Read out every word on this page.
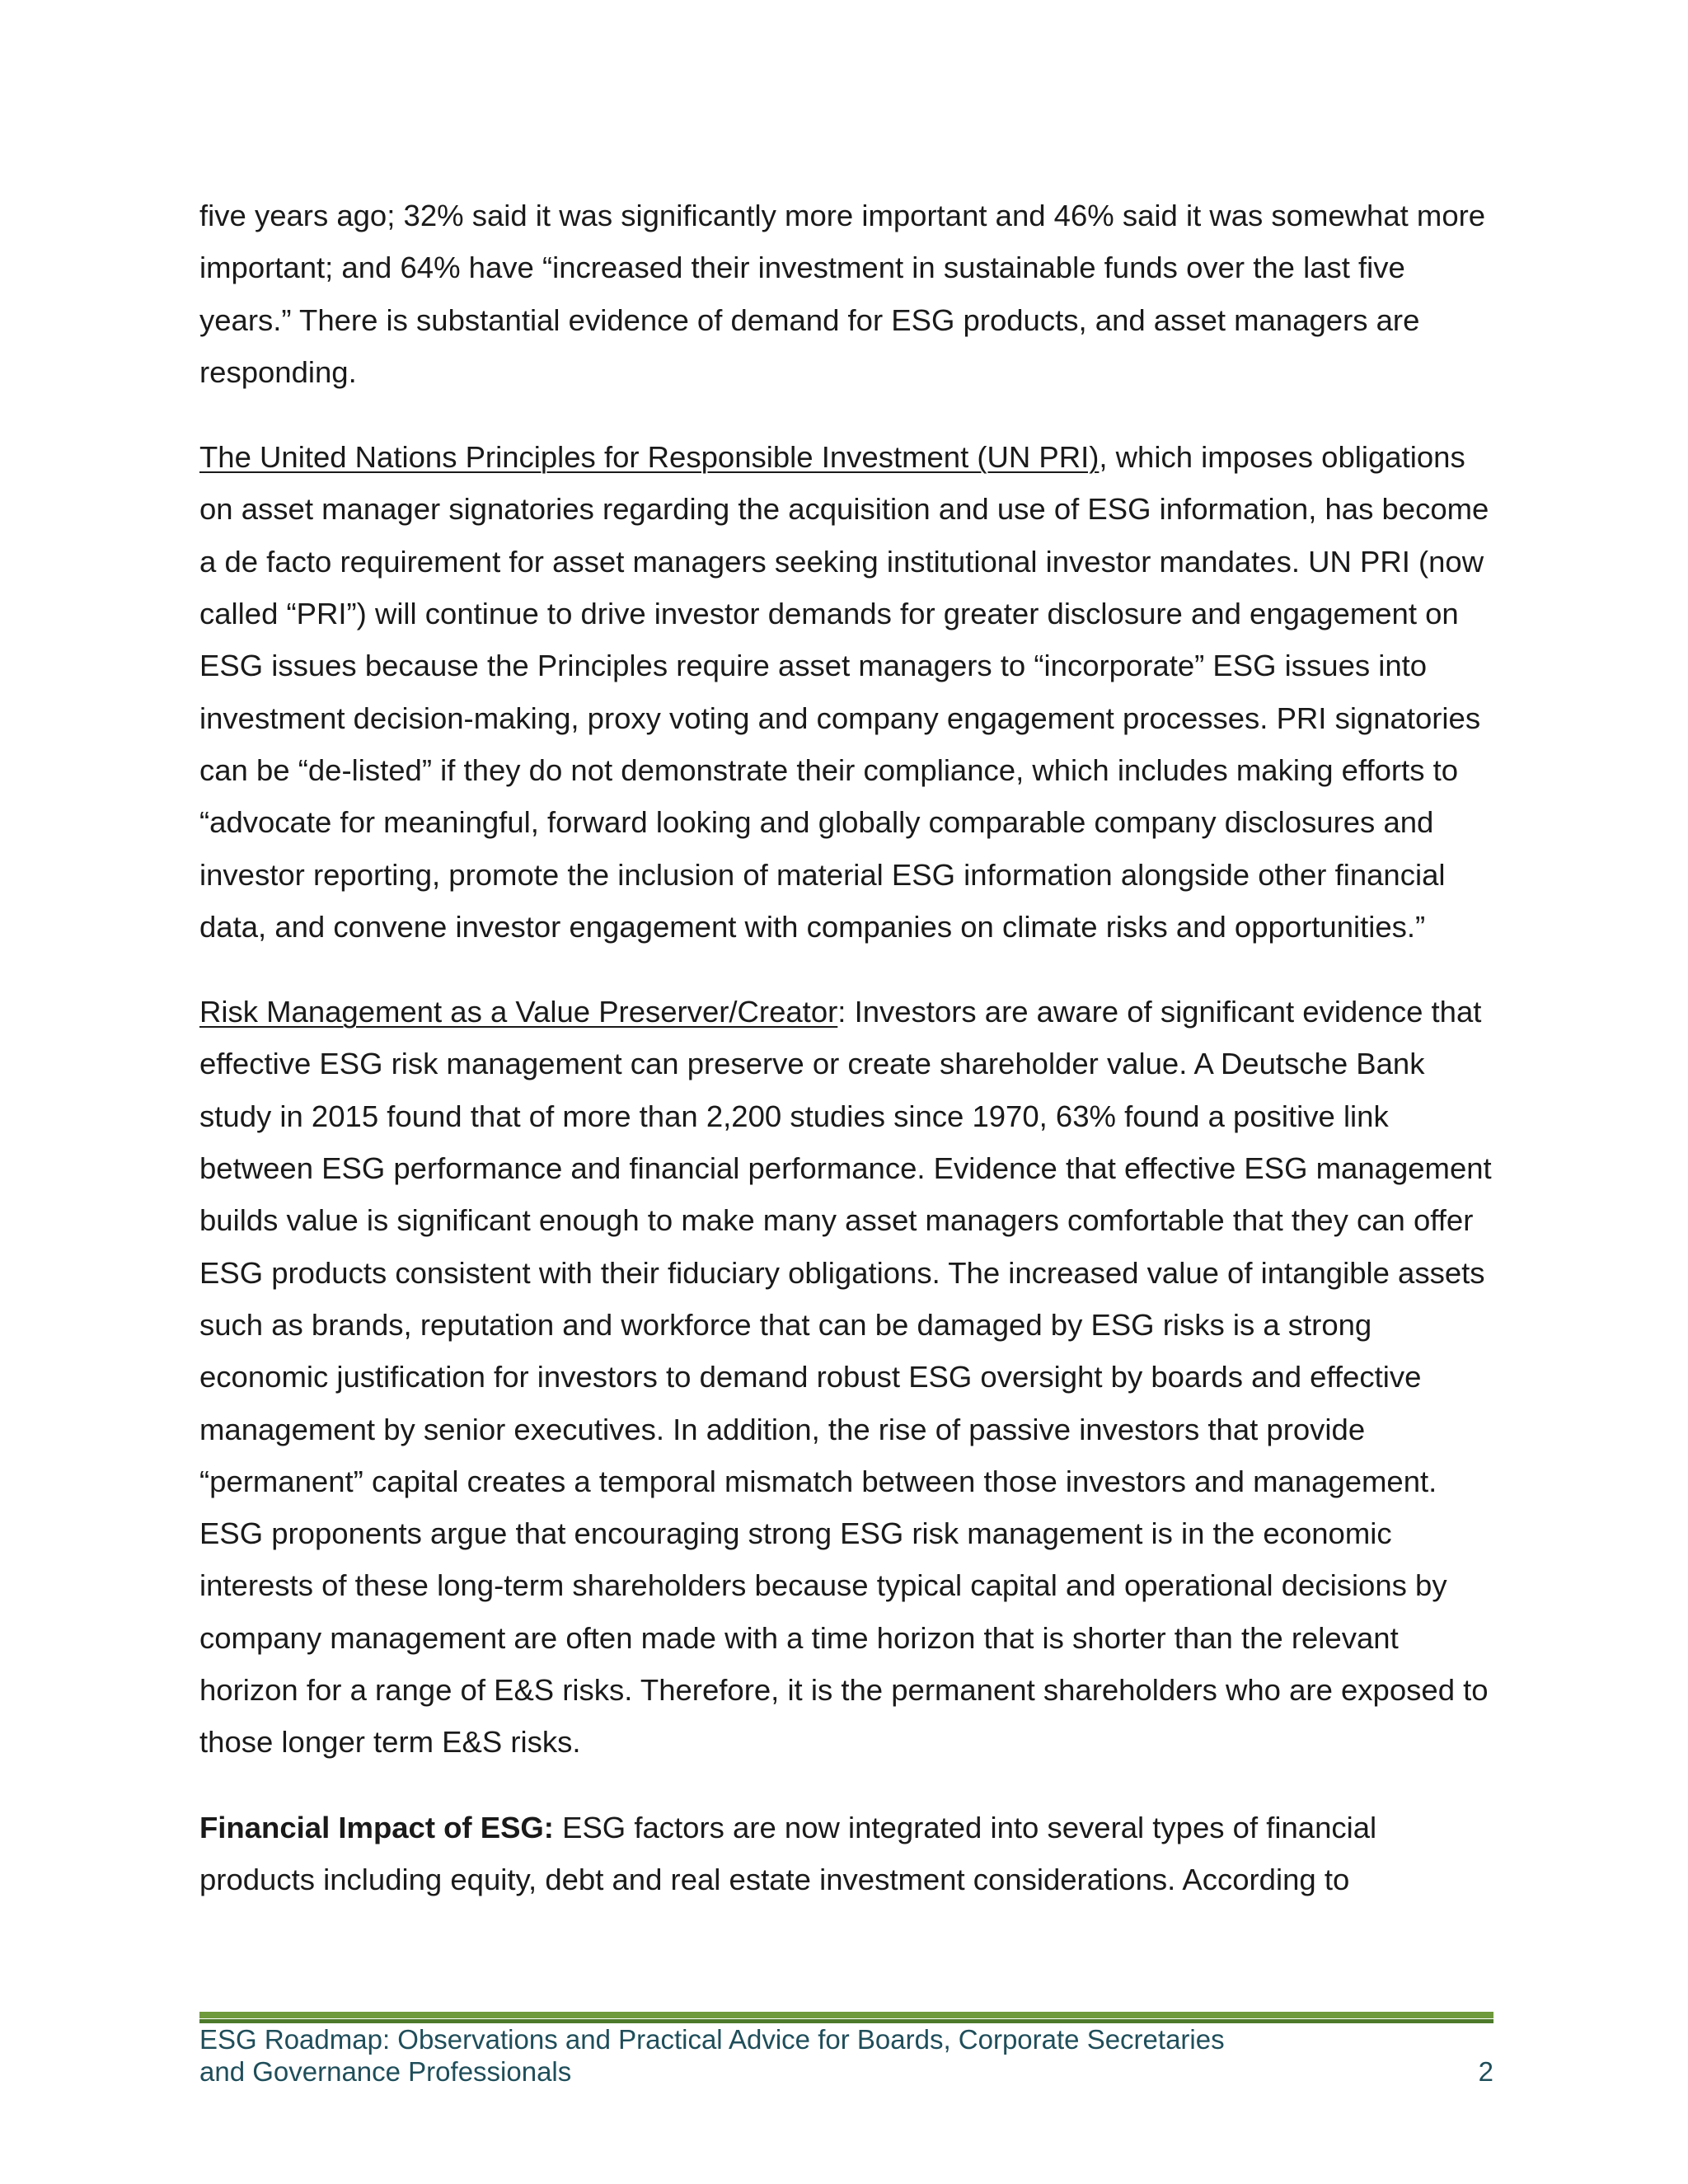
five years ago; 32% said it was significantly more important and 46% said it was somewhat more important; and 64% have “increased their investment in sustainable funds over the last five years.” There is substantial evidence of demand for ESG products, and asset managers are responding.

The United Nations Principles for Responsible Investment (UN PRI), which imposes obligations on asset manager signatories regarding the acquisition and use of ESG information, has become a de facto requirement for asset managers seeking institutional investor mandates. UN PRI (now called “PRI”) will continue to drive investor demands for greater disclosure and engagement on ESG issues because the Principles require asset managers to “incorporate” ESG issues into investment decision-making, proxy voting and company engagement processes. PRI signatories can be “de-listed” if they do not demonstrate their compliance, which includes making efforts to “advocate for meaningful, forward looking and globally comparable company disclosures and investor reporting, promote the inclusion of material ESG information alongside other financial data, and convene investor engagement with companies on climate risks and opportunities.”

Risk Management as a Value Preserver/Creator: Investors are aware of significant evidence that effective ESG risk management can preserve or create shareholder value. A Deutsche Bank study in 2015 found that of more than 2,200 studies since 1970, 63% found a positive link between ESG performance and financial performance. Evidence that effective ESG management builds value is significant enough to make many asset managers comfortable that they can offer ESG products consistent with their fiduciary obligations. The increased value of intangible assets such as brands, reputation and workforce that can be damaged by ESG risks is a strong economic justification for investors to demand robust ESG oversight by boards and effective management by senior executives. In addition, the rise of passive investors that provide “permanent” capital creates a temporal mismatch between those investors and management. ESG proponents argue that encouraging strong ESG risk management is in the economic interests of these long-term shareholders because typical capital and operational decisions by company management are often made with a time horizon that is shorter than the relevant horizon for a range of E&S risks. Therefore, it is the permanent shareholders who are exposed to those longer term E&S risks.

Financial Impact of ESG: ESG factors are now integrated into several types of financial products including equity, debt and real estate investment considerations. According to

ESG Roadmap: Observations and Practical Advice for Boards, Corporate Secretaries
and Governance Professionals	2
